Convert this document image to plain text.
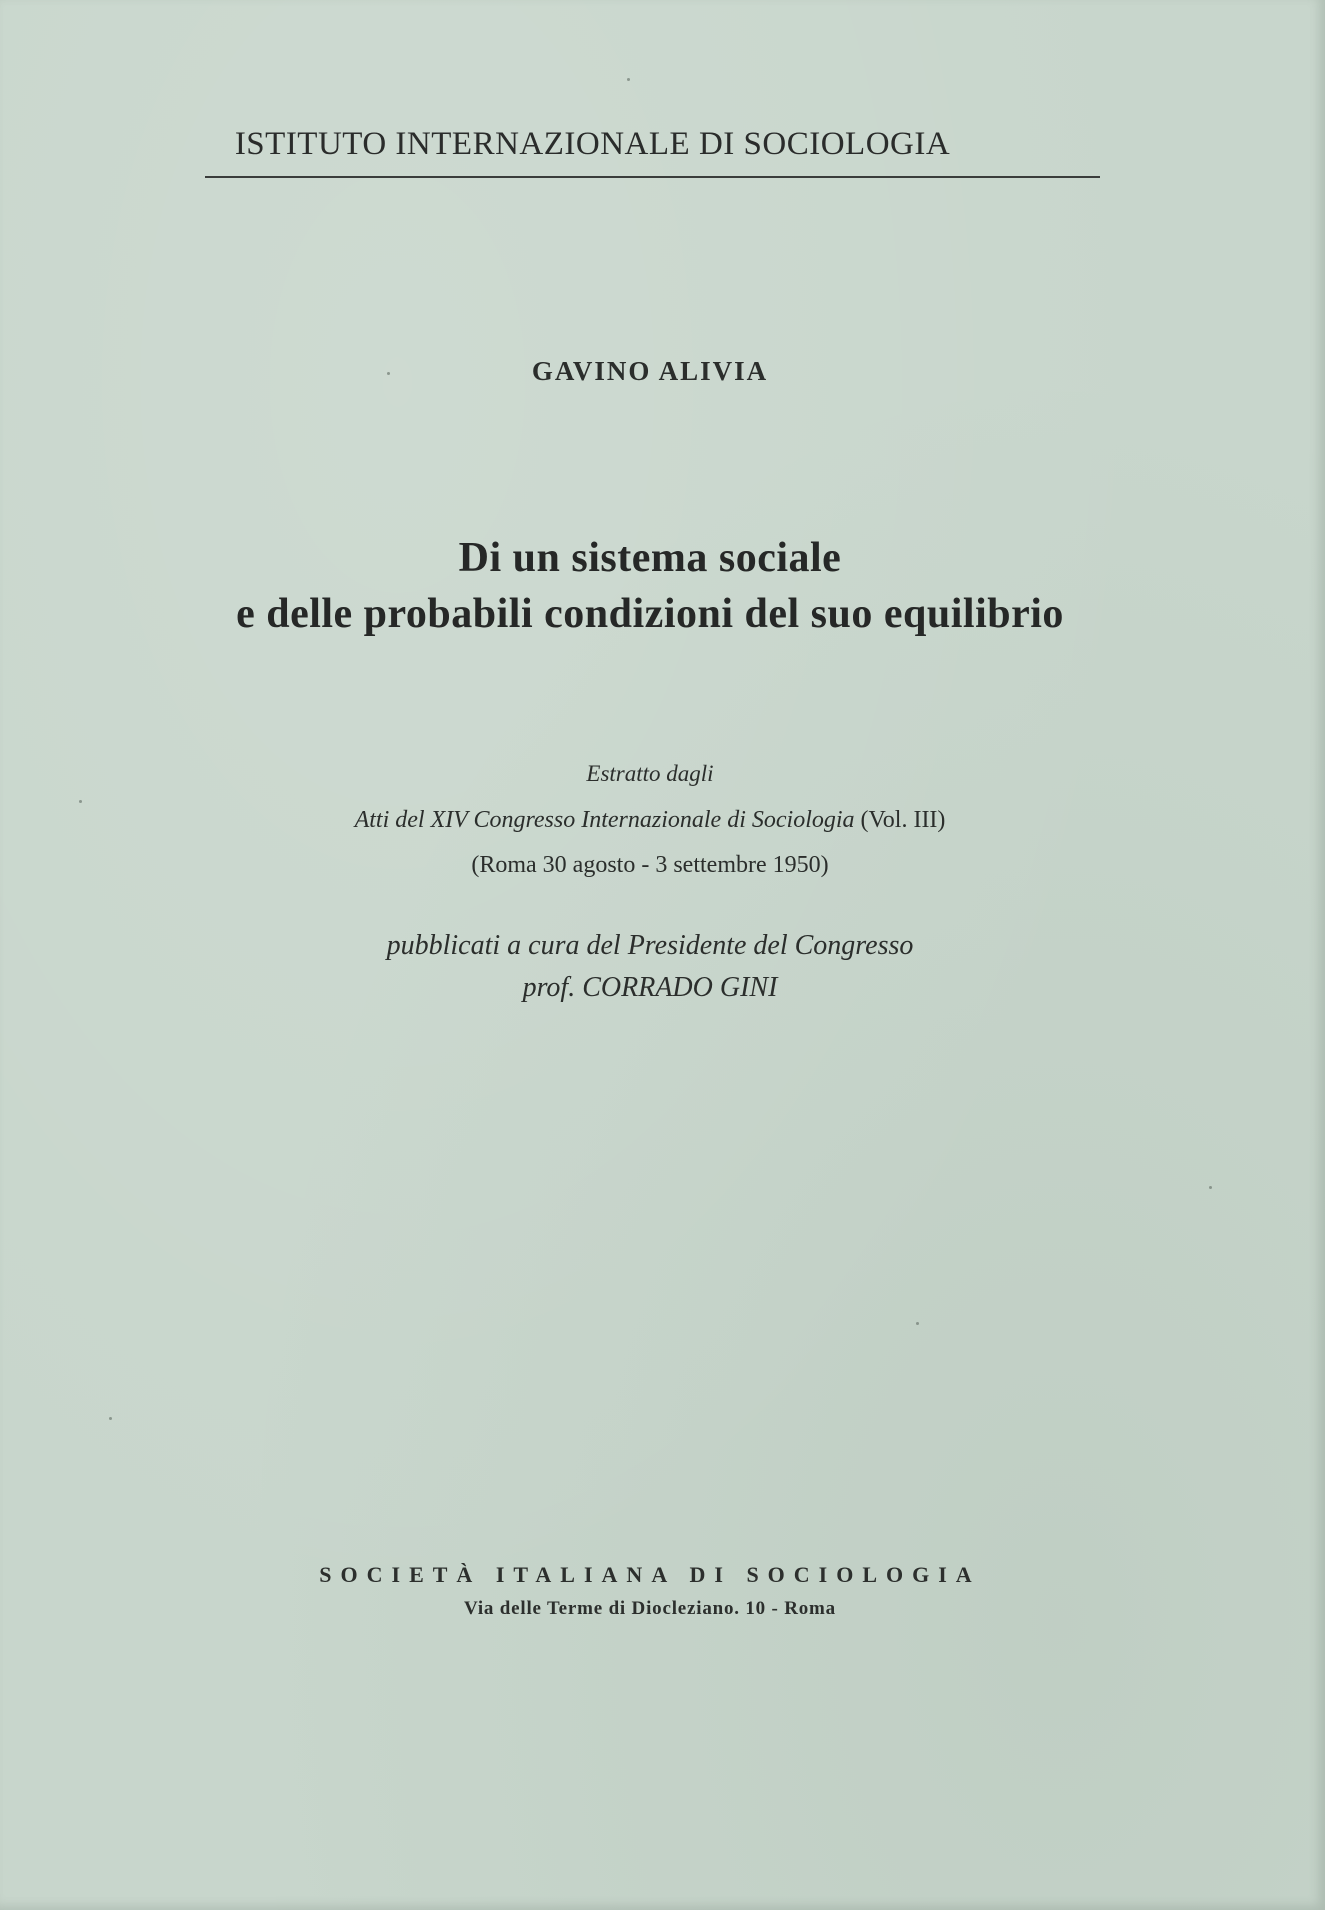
ISTITUTO INTERNAZIONALE DI SOCIOLOGIA

GAVINO ALIVIA

Di un sistema sociale

e delle probabili condizioni del suo equilibrio

Estratto dagli

Atti del XIV Congresso Internazionale di Sociologia (Vol. III)

(Roma 30 agosto - 3 settembre 1950)

pubblicati a cura del Presidente del Congresso

prof. CORRADO GINI

SOCIETÀ ITALIANA DI SOCIOLOGIA

Via delle Terme di Diocleziano. 10 - Roma
